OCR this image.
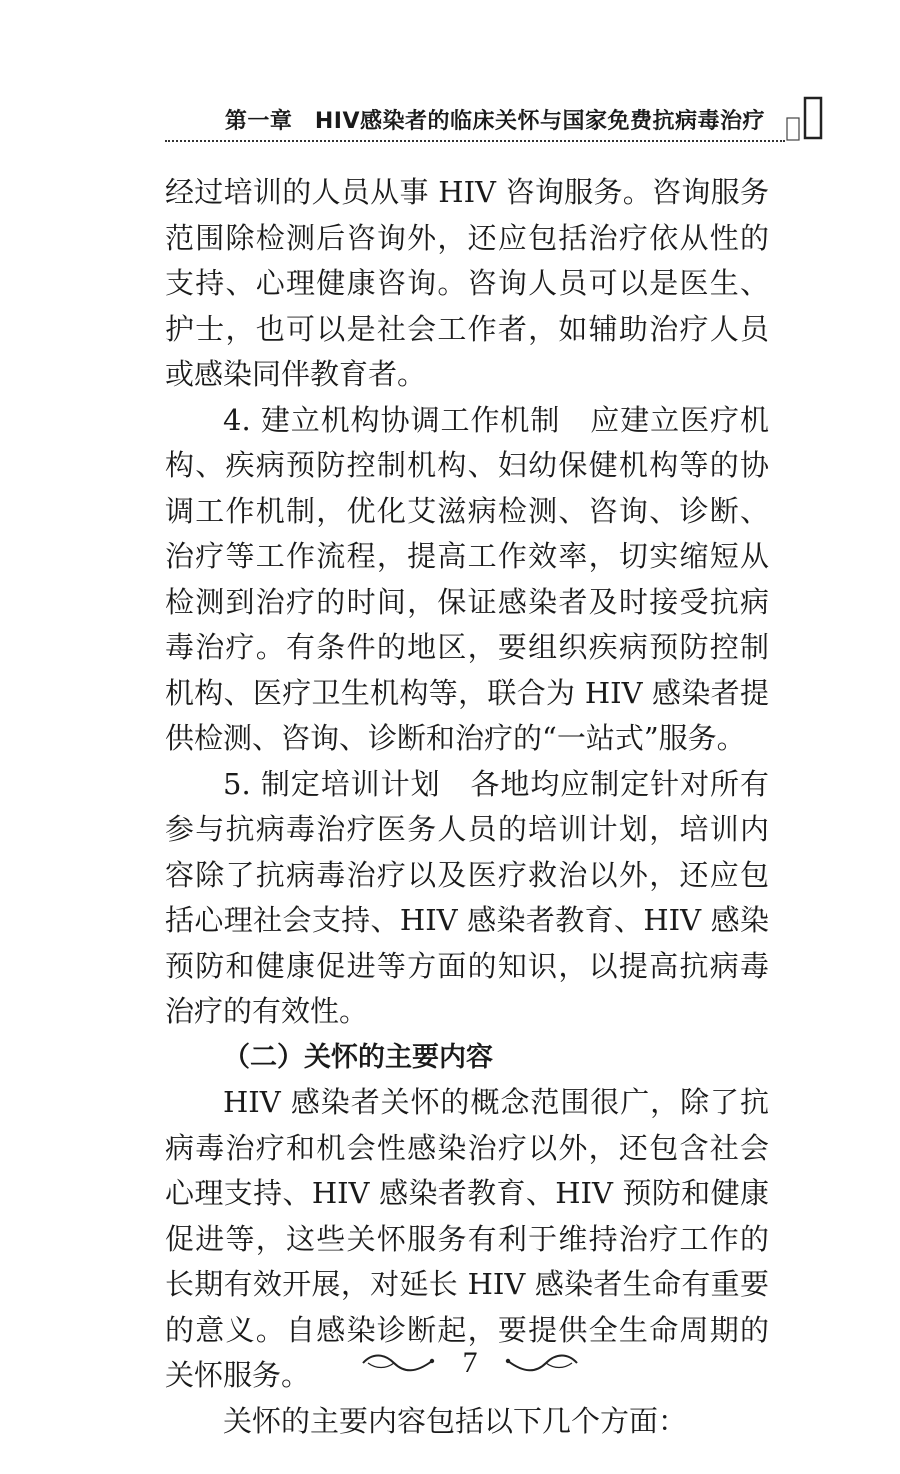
第一章　HIV感染者的临床关怀与国家免费抗病毒治疗

经过培训的人员从事 HIV 咨询服务。咨询服务范围除检测后咨询外，还应包括治疗依从性的支持、心理健康咨询。咨询人员可以是医生、护士，也可以是社会工作者，如辅助治疗人员或感染同伴教育者。

4. 建立机构协调工作机制　应建立医疗机构、疾病预防控制机构、妇幼保健机构等的协调工作机制，优化艾滋病检测、咨询、诊断、治疗等工作流程，提高工作效率，切实缩短从检测到治疗的时间，保证感染者及时接受抗病毒治疗。有条件的地区，要组织疾病预防控制机构、医疗卫生机构等，联合为 HIV 感染者提供检测、咨询、诊断和治疗的“一站式”服务。

5. 制定培训计划　各地均应制定针对所有参与抗病毒治疗医务人员的培训计划，培训内容除了抗病毒治疗以及医疗救治以外，还应包括心理社会支持、HIV 感染者教育、HIV 感染预防和健康促进等方面的知识，以提高抗病毒治疗的有效性。

（二）关怀的主要内容

HIV 感染者关怀的概念范围很广，除了抗病毒治疗和机会性感染治疗以外，还包含社会心理支持、HIV 感染者教育、HIV 预防和健康促进等，这些关怀服务有利于维持治疗工作的长期有效开展，对延长 HIV 感染者生命有重要的意义。自感染诊断起，要提供全生命周期的关怀服务。

关怀的主要内容包括以下几个方面：

7
